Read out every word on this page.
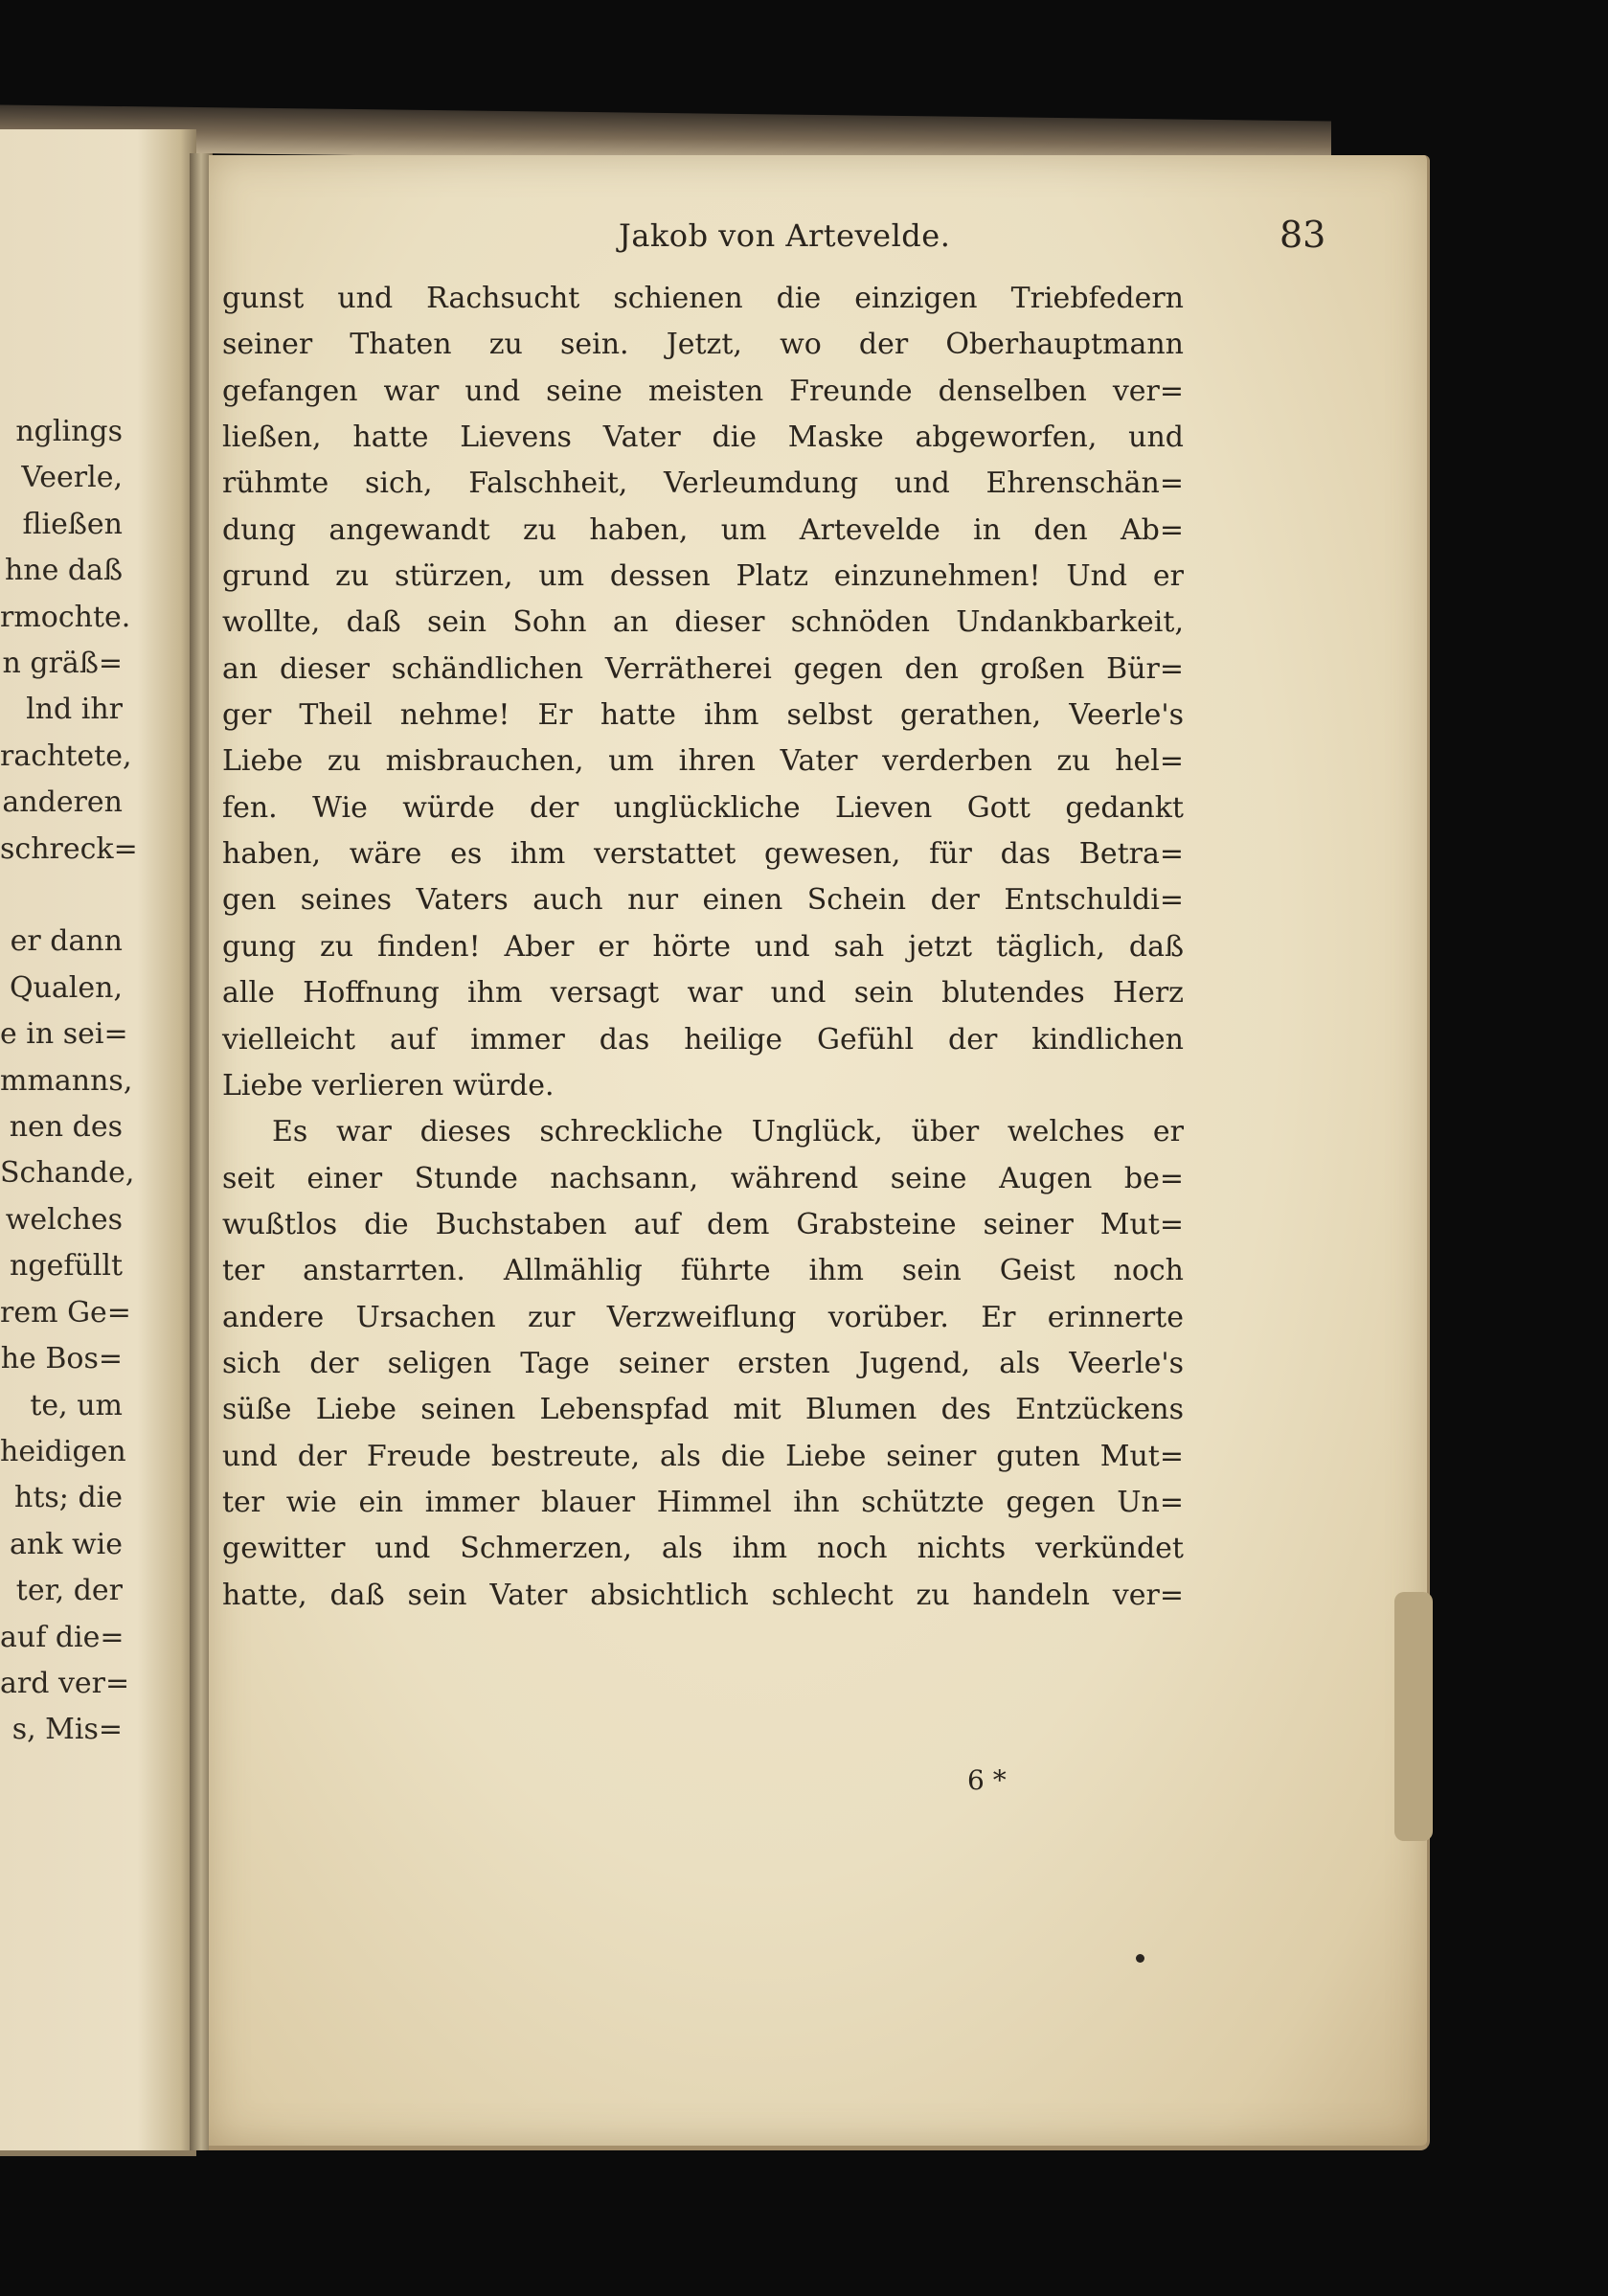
nglings
Veerle,
fließen
hne daß
rmochte.
n gräß=
lnd ihr
rachtete,
anderen
schreck=
er dann
Qualen,
e in sei=
mmanns,
nen des
Schande,
welches
ngefüllt
rem Ge=
he Bos=
te, um
heidigen
hts; die
ank wie
ter, der
auf die=
ard ver=
s, Mis=
Jakob von Artevelde.	83
gunst und Rachsucht schienen die einzigen Triebfedern
seiner Thaten zu sein. Jetzt, wo der Oberhauptmann
gefangen war und seine meisten Freunde denselben ver=
ließen, hatte Lievens Vater die Maske abgeworfen, und
rühmte sich, Falschheit, Verleumdung und Ehrenschän=
dung angewandt zu haben, um Artevelde in den Ab=
grund zu stürzen, um dessen Platz einzunehmen! Und er
wollte, daß sein Sohn an dieser schnöden Undankbarkeit,
an dieser schändlichen Verrätherei gegen den großen Bür=
ger Theil nehme! Er hatte ihm selbst gerathen, Veerle's
Liebe zu misbrauchen, um ihren Vater verderben zu hel=
fen. Wie würde der unglückliche Lieven Gott gedankt
haben, wäre es ihm verstattet gewesen, für das Betra=
gen seines Vaters auch nur einen Schein der Entschuldi=
gung zu finden! Aber er hörte und sah jetzt täglich, daß
alle Hoffnung ihm versagt war und sein blutendes Herz
vielleicht auf immer das heilige Gefühl der kindlichen
Liebe verlieren würde.
Es war dieses schreckliche Unglück, über welches er
seit einer Stunde nachsann, während seine Augen be=
wußtlos die Buchstaben auf dem Grabsteine seiner Mut=
ter anstarrten. Allmählig führte ihm sein Geist noch
andere Ursachen zur Verzweiflung vorüber. Er erinnerte
sich der seligen Tage seiner ersten Jugend, als Veerle's
süße Liebe seinen Lebenspfad mit Blumen des Entzückens
und der Freude bestreute, als die Liebe seiner guten Mut=
ter wie ein immer blauer Himmel ihn schützte gegen Un=
gewitter und Schmerzen, als ihm noch nichts verkündet
hatte, daß sein Vater absichtlich schlecht zu handeln ver=
6 *
